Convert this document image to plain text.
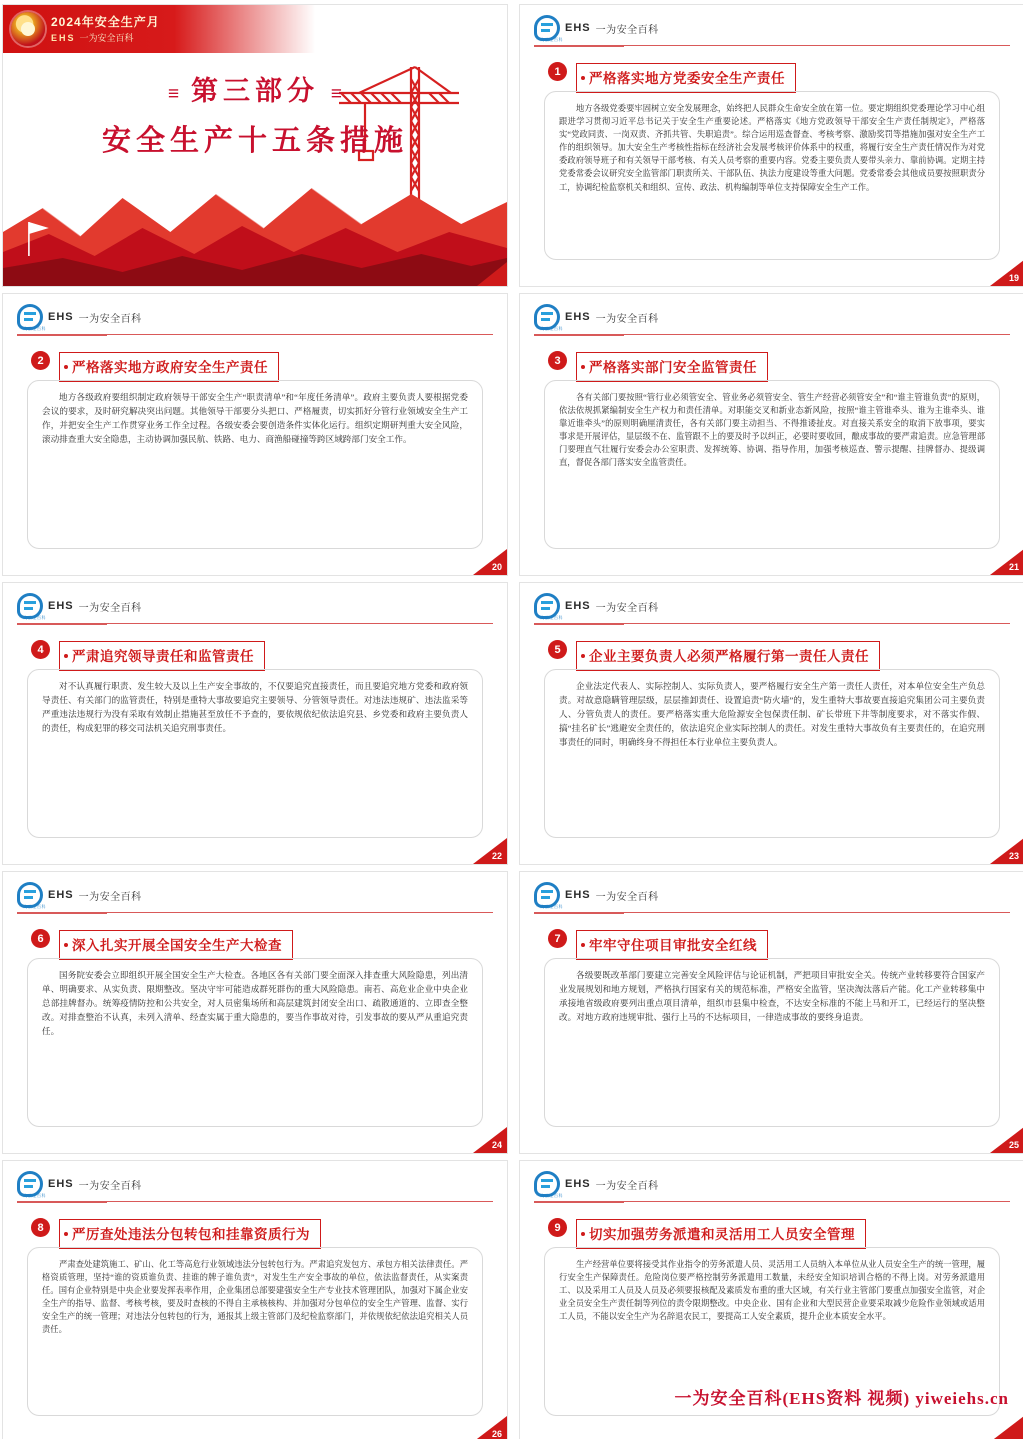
2024年安全生产月
EHS 一为安全百科
≡ 第三部分 ≡
安全生产十五条措施
一为安全百科
EHS 一为安全百科
1	严格落实地方党委安全生产责任

地方各级党委要牢固树立安全发展理念，始终把人民群众生命安全放在第一位。要定期组织党委理论学习中心组跟进学习贯彻习近平总书记关于安全生产重要论述。严格落实《地方党政领导干部安全生产责任制规定》，严格落实“党政同责、一岗双责、齐抓共管、失职追责”。综合运用巡查督查、考核考察、激励奖罚等措施加强对安全生产工作的组织领导。加大安全生产考核性指标在经济社会发展考核评价体系中的权重，将履行安全生产责任情况作为对党委政府领导班子和有关领导干部考核、有关人员考察的重要内容。党委主要负责人要带头亲力、靠前协调。定期主持党委常委会议研究安全监管部门职责所关、干部队伍、执法力度建设等重大问题。党委常委会其他成员要按照职责分工，协调纪检监察机关和组织、宣传、政法、机构编制等单位支持保障安全生产工作。

19
一为安全百科
EHS 一为安全百科
2	严格落实地方政府安全生产责任

地方各级政府要组织制定政府领导干部安全生产“职责清单”和“年度任务清单”。政府主要负责人要根据党委会议的要求，及时研究解决突出问题。其他领导干部要分头把口、严格履责，切实抓好分管行业领域安全生产工作，并把安全生产工作贯穿业务工作全过程。各级安委会要创造条件实体化运行。组织定期研判重大安全风险，滚动排查重大安全隐患，主动协调加强民航、铁路、电力、商渔船碰撞等跨区域跨部门安全工作。

20
一为安全百科
EHS 一为安全百科
3	严格落实部门安全监管责任

各有关部门要按照“管行业必须管安全、管业务必须管安全、管生产经营必须管安全”和“谁主管谁负责”的原则，依法依规抓紧编制安全生产权力和责任清单。对职能交叉和新业态新风险，按照“谁主管谁牵头、谁为主谁牵头、谁靠近谁牵头”的原则明确厘清责任，各有关部门要主动担当、不得推诿扯皮。对直接关系安全的取消下放事项，要实事求是开展评估，显层级不在、监管跟不上的要及时予以纠正，必要时要收回，酿成事故的要严肃追责。应急管理部门要理直气壮履行安委会办公室职责、发挥统筹、协调、指导作用，加强考核巡查、警示提醒、挂牌督办、提级调直，督促各部门落实安全监管责任。

21
一为安全百科
EHS 一为安全百科
4	严肃追究领导责任和监管责任

对不认真履行职责、发生较大及以上生产安全事故的，不仅要追究直接责任，而且要追究地方党委和政府领导责任、有关部门的监管责任，特别是重特大事故要追究主要领导、分管领导责任。对违法违规矿、违法监采等严重违法违规行为没有采取有效制止措施甚至放任不予查的，要依规依纪依法追究县、乡党委和政府主要负责人的责任，构成犯罪的移交司法机关追究刑事责任。

22
一为安全百科
EHS 一为安全百科
5	企业主要负责人必须严格履行第一责任人责任

企业法定代表人、实际控制人、实际负责人，要严格履行安全生产第一责任人责任，对本单位安全生产负总责。对故意隐瞒管理层级，层层推卸责任、设置追责“防火墙”的，发生重特大事故要直接追究集团公司主要负责人、分管负责人的责任。要严格落实重大危险源安全包保责任制、矿长带班下井等制度要求，对不落实作假、搞“挂名矿长”逃避安全责任的，依法追究企业实际控制人的责任。对发生重特大事故负有主要责任的，在追究刑事责任的同时，明确终身不得担任本行业单位主要负责人。

23
一为安全百科
EHS 一为安全百科
6	深入扎实开展全国安全生产大检查

国务院安委会立即组织开展全国安全生产大检查。各地区各有关部门要全面深入排查重大风险隐患，列出清单、明确要求、从实负责、限期整改。坚决守牢可能造成群死群伤的重大风险隐患。南若、高危业企业中央企业总部挂牌督办。统筹疫情防控和公共安全，对人员密集场所和高层建筑封闭安全出口、疏散通道的、立即查全整改。对排查整治不认真，未列入清单、经查实属于重大隐患的，要当作事故对待，引发事故的要从严从重追究责任。

24
一为安全百科
EHS 一为安全百科
7	牢牢守住项目审批安全红线

各级要既改革部门要建立完善安全风险评估与论证机制，严把项目审批安全关。传统产业转移要符合国家产业发展规划和地方规划，严格执行国家有关的规范标准，严格安全监管，坚决淘汰落后产能。化工产业转移集中承接地省级政府要列出重点项目清单，组织市县集中检查，不达安全标准的不能上马和开工，已经运行的坚决整改。对地方政府违规审批、强行上马的不达标项目，一律造成事故的要终身追责。

25
一为安全百科
EHS 一为安全百科
8	严厉查处违法分包转包和挂靠资质行为

严肃查处建筑施工、矿山、化工等高危行业领域违法分包转包行为。严肃追究发包方、承包方相关法律责任。严格资质管理，坚持“谁的资质谁负责、挂谁的牌子谁负责”，对发生生产安全事故的单位，依法监督责任，从实案责任。国有企业特别是中央企业要发挥表率作用，企业集团总部要建强安全生产专业技术管理团队，加强对下属企业安全生产的指导、监督、考核考核，要及时查核的不得自主承核核构、并加强对分包单位的安全生产管理、监督、实行安全生产的统一管理；对违法分包转包的行为，通报其上级主管部门及纪检监察部门，并依规依纪依法追究相关人员责任。

26
一为安全百科
EHS 一为安全百科
9	切实加强劳务派遣和灵活用工人员安全管理

生产经营单位要将接受其作业指令的劳务派遣人员、灵活用工人员纳入本单位从业人员安全生产的统一管理，履行安全生产保障责任。危险岗位要严格控制劳务派遣用工数量，未经安全知识培训合格的不得上岗。对劳务派遣用工、以及采用工人员及人员及必须要报核配及素质发布重的重大区域，有关行业主管部门要重点加强安全监管，对企业全员安全生产责任制等列位的责令限期整改。中央企业、国有企业和大型民营企业要采取减少危险作业领域或适用工人员，不能以安全生产为名辞退农民工，要提高工人安全素质，提升企业本质安全水平。

一为安全百科(EHS资料 视频) yiweiehs.cn
